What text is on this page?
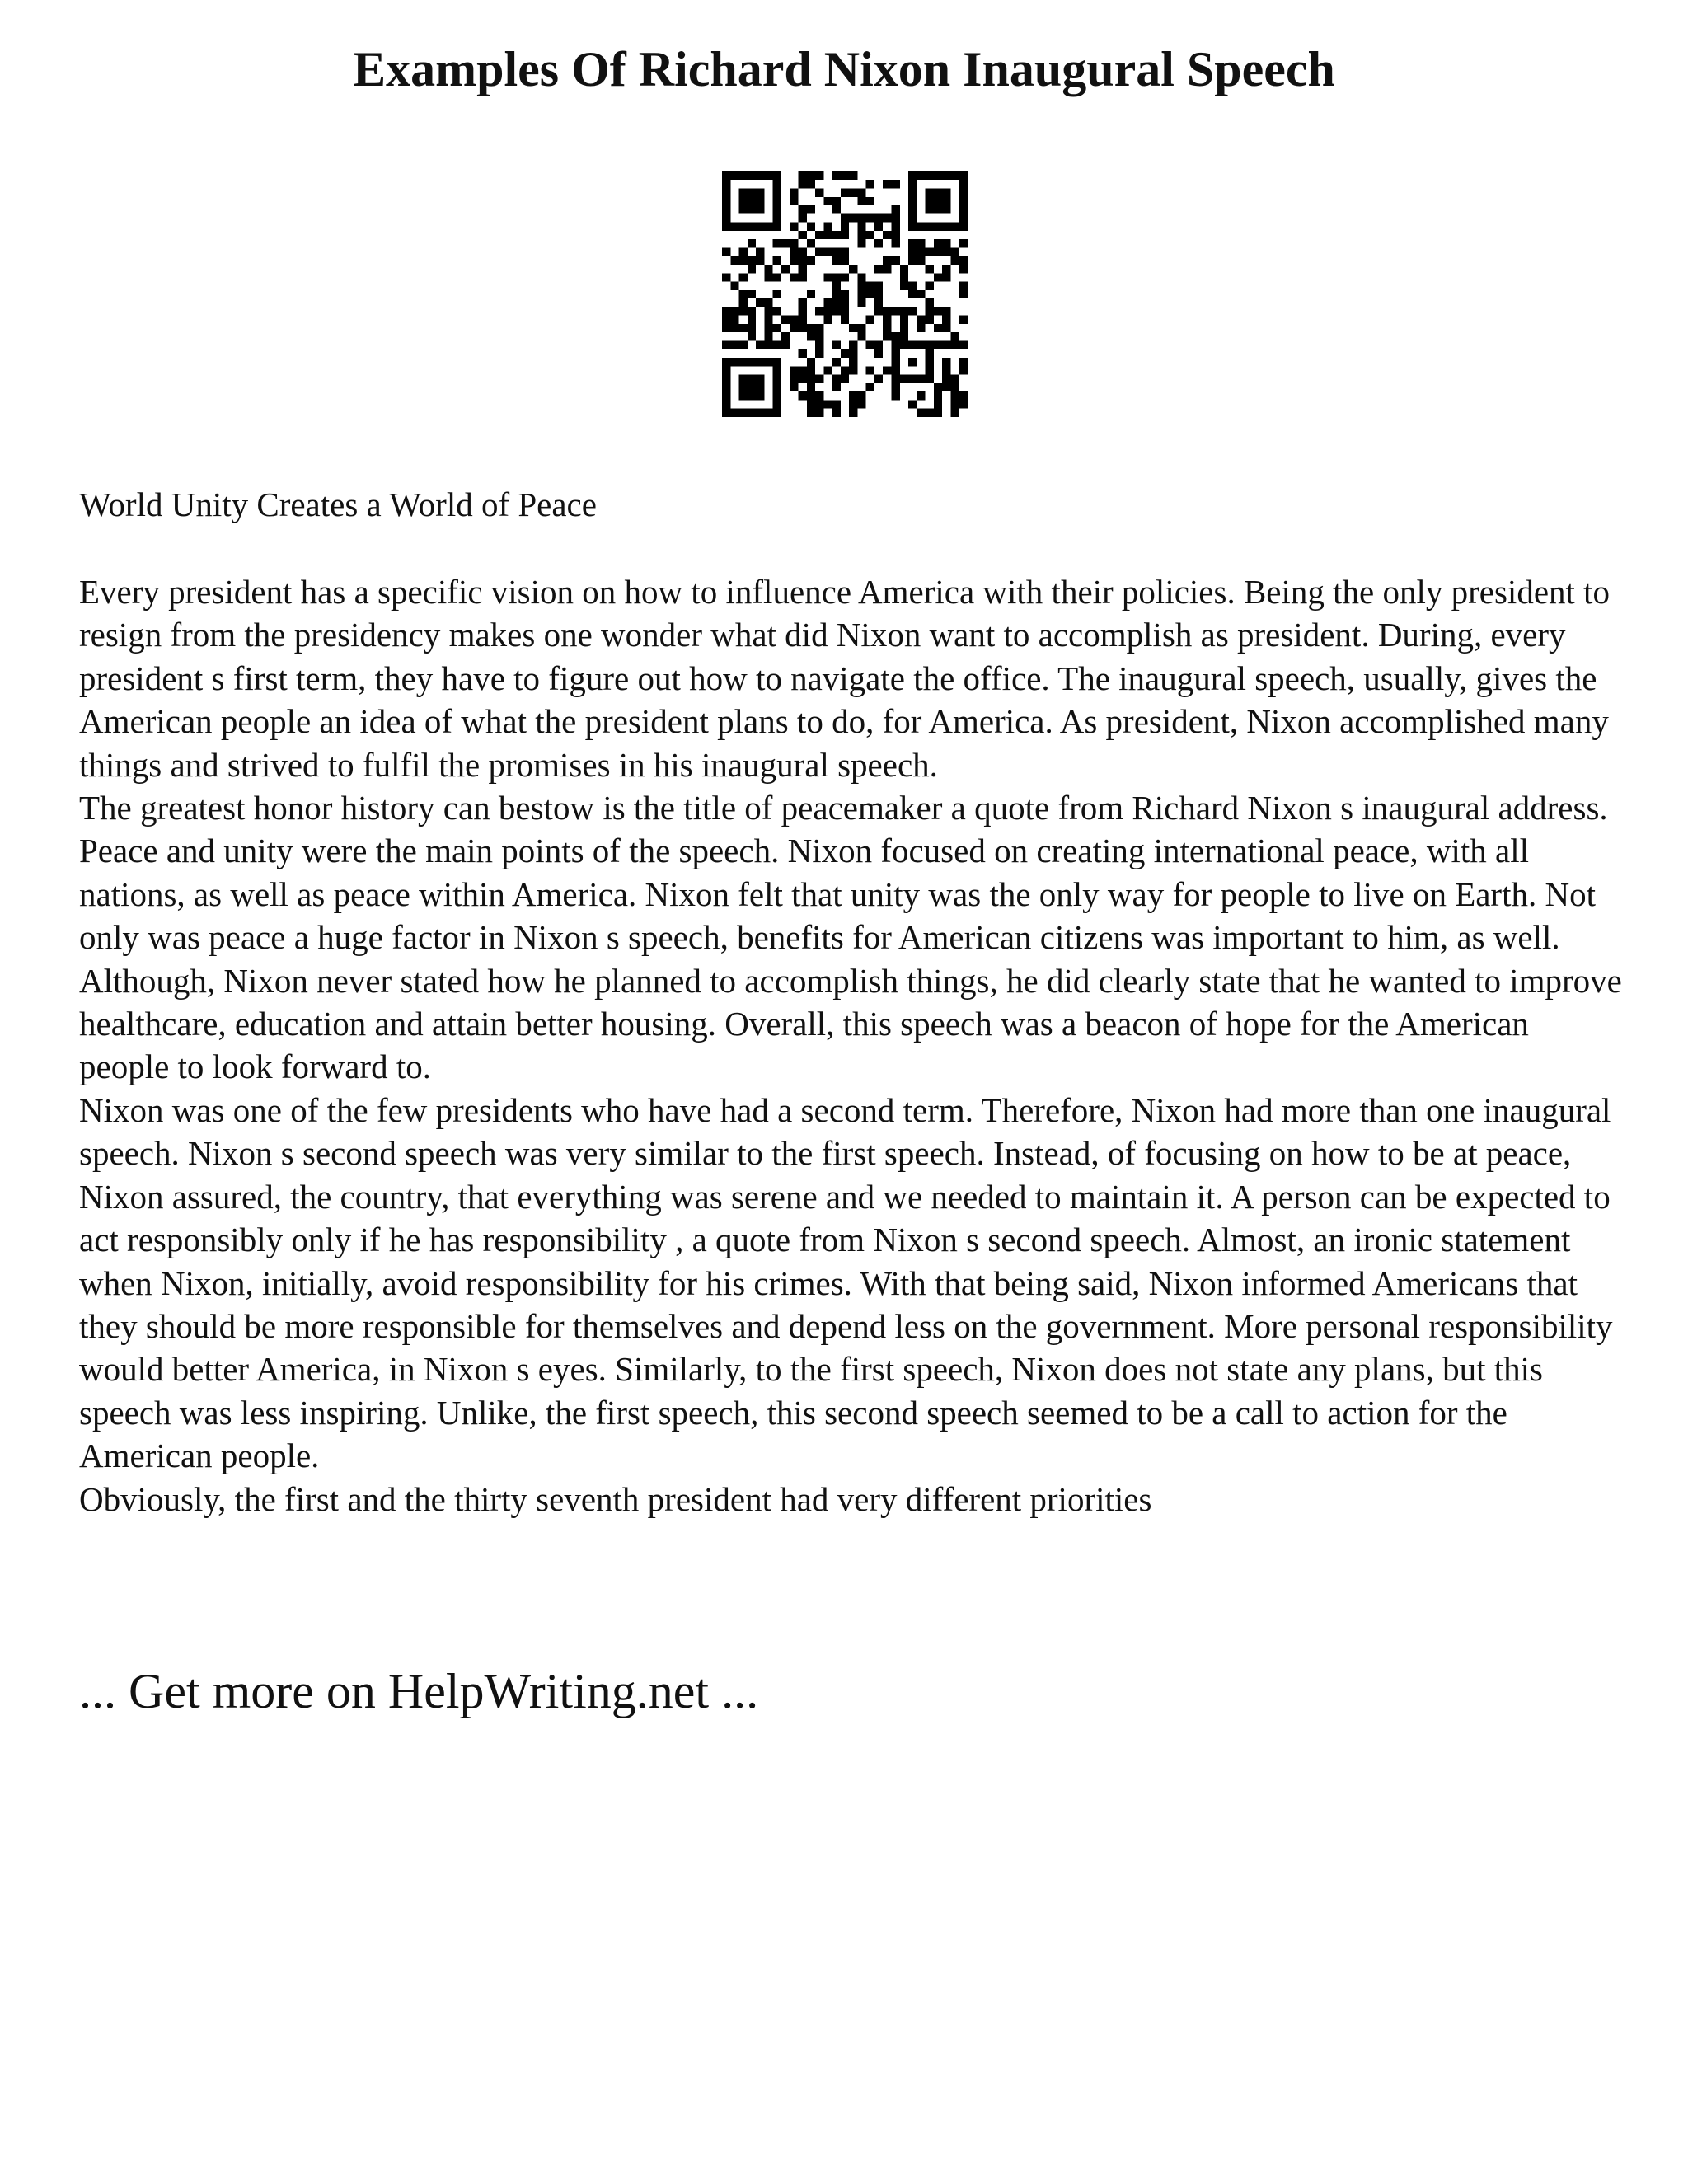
Examples Of Richard Nixon Inaugural Speech
World Unity Creates a World of Peace

Every president has a specific vision on how to influence America with their policies. Being the only president to resign from the presidency makes one wonder what did Nixon want to accomplish as president. During, every president s first term, they have to figure out how to navigate the office. The inaugural speech, usually, gives the American people an idea of what the president plans to do, for America. As president, Nixon accomplished many things and strived to fulfil the promises in his inaugural speech.

The greatest honor history can bestow is the title of peacemaker a quote from Richard Nixon s inaugural address. Peace and unity were the main points of the speech. Nixon focused on creating international peace, with all nations, as well as peace within America. Nixon felt that unity was the only way for people to live on Earth. Not only was peace a huge factor in Nixon s speech, benefits for American citizens was important to him, as well. Although, Nixon never stated how he planned to accomplish things, he did clearly state that he wanted to improve healthcare, education and attain better housing. Overall, this speech was a beacon of hope for the American people to look forward to.

Nixon was one of the few presidents who have had a second term. Therefore, Nixon had more than one inaugural speech. Nixon s second speech was very similar to the first speech. Instead, of focusing on how to be at peace, Nixon assured, the country, that everything was serene and we needed to maintain it. A person can be expected to act responsibly only if he has responsibility , a quote from Nixon s second speech. Almost, an ironic statement when Nixon, initially, avoid responsibility for his crimes. With that being said, Nixon informed Americans that they should be more responsible for themselves and depend less on the government. More personal responsibility would better America, in Nixon s eyes. Similarly, to the first speech, Nixon does not state any plans, but this speech was less inspiring. Unlike, the first speech, this second speech seemed to be a call to action for the American people.

Obviously, the first and the thirty seventh president had very different priorities

... Get more on HelpWriting.net ...
